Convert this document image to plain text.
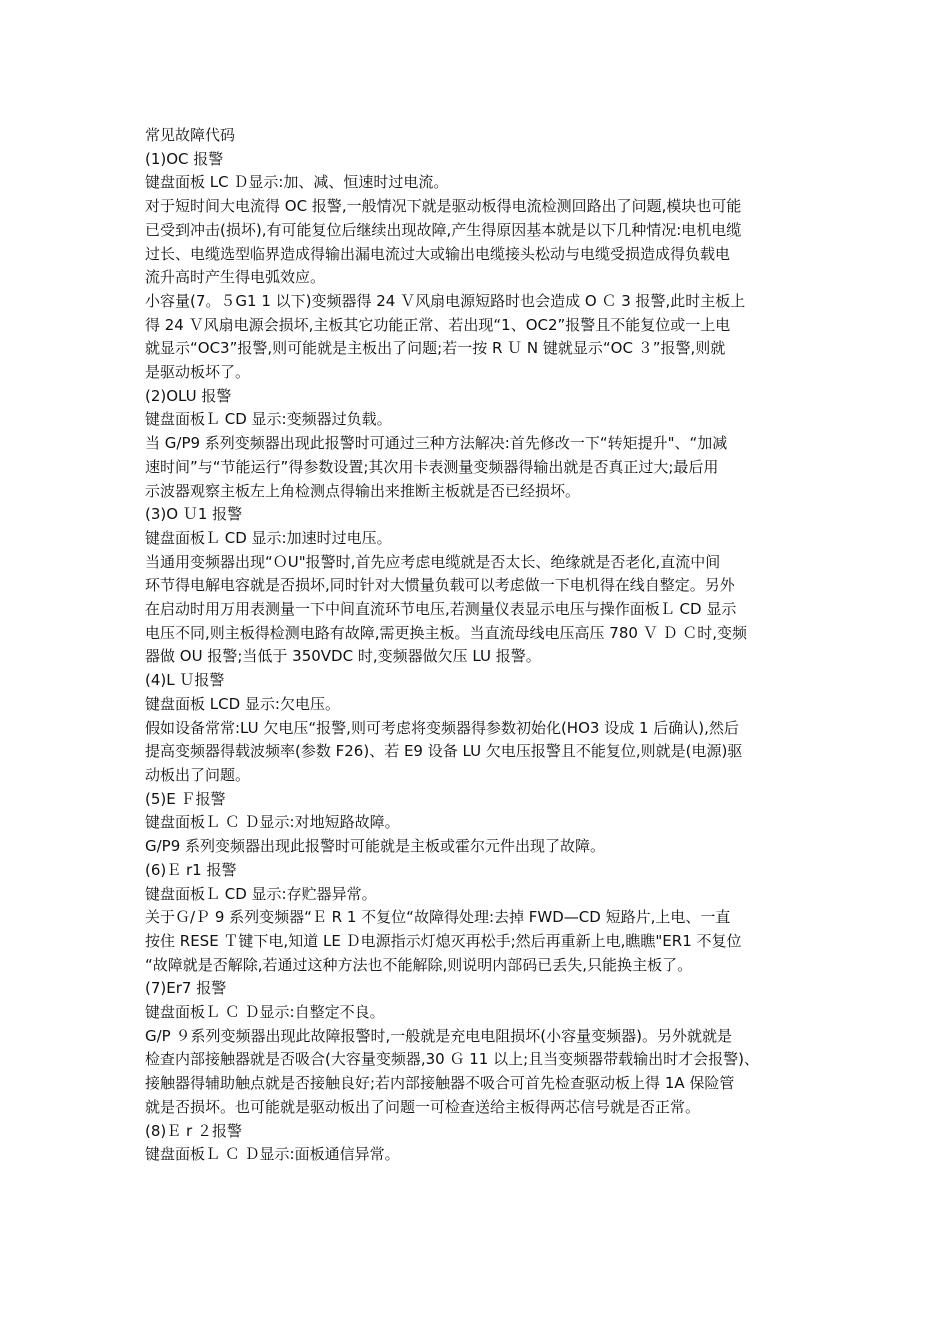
常见故障代码
(1)OC 报警
键盘面板 LC Ｄ显示:加、减、恒速时过电流。
对于短时间大电流得 OC 报警,一般情况下就是驱动板得电流检测回路出了问题,模块也可能
已受到冲击(损坏),有可能复位后继续出现故障,产生得原因基本就是以下几种情况:电机电缆
过长、电缆选型临界造成得输出漏电流过大或输出电缆接头松动与电缆受损造成得负载电
流升高时产生得电弧效应。
小容量(7。５G1 1 以下)变频器得 24 Ｖ风扇电源短路时也会造成 O Ｃ 3 报警,此时主板上
得 24 Ｖ风扇电源会损坏,主板其它功能正常、若出现“1、OC2”报警且不能复位或一上电
就显示“OC3”报警,则可能就是主板出了问题;若一按 R Ｕ N 键就显示“OC ３”报警,则就
是驱动板坏了。
(2)OLU 报警
键盘面板Ｌ CD 显示:变频器过负载。
当 G/P9 系列变频器出现此报警时可通过三种方法解决:首先修改一下“转矩提升"、“加减
速时间”与“节能运行”得参数设置;其次用卡表测量变频器得输出就是否真正过大;最后用
示波器观察主板左上角检测点得输出来推断主板就是否已经损坏。
(3)O Ｕ1 报警
键盘面板Ｌ CD 显示:加速时过电压。
当通用变频器出现“ＯU"报警时,首先应考虑电缆就是否太长、绝缘就是否老化,直流中间
环节得电解电容就是否损坏,同时针对大惯量负载可以考虑做一下电机得在线自整定。另外
在启动时用万用表测量一下中间直流环节电压,若测量仪表显示电压与操作面板Ｌ CD 显示
电压不同,则主板得检测电路有故障,需更换主板。当直流母线电压高压 780 Ｖ Ｄ Ｃ时,变频
器做 OU 报警;当低于 350VDC 时,变频器做欠压 LU 报警。
(4)L Ｕ报警
键盘面板 LCD 显示:欠电压。
假如设备常常:LU 欠电压“报警,则可考虑将变频器得参数初始化(HO3 设成 1 后确认),然后
提高变频器得载波频率(参数 F26)、若 E9 设备 LU 欠电压报警且不能复位,则就是(电源)驱
动板出了问题。
(5)E Ｆ报警
键盘面板Ｌ Ｃ Ｄ显示:对地短路故障。
G/P9 系列变频器出现此报警时可能就是主板或霍尔元件出现了故障。
(6)Ｅ r1 报警
键盘面板Ｌ CD 显示:存贮器异常。
关于Ｇ/Ｐ 9 系列变频器“Ｅ R 1 不复位“故障得处理:去掉 FWD—CD 短路片,上电、一直
按住 RESE Ｔ键下电,知道 LE Ｄ电源指示灯熄灭再松手;然后再重新上电,瞧瞧"ER1 不复位
“故障就是否解除,若通过这种方法也不能解除,则说明内部码已丢失,只能换主板了。
(7)Er7 报警
键盘面板Ｌ Ｃ Ｄ显示:自整定不良。
G/P ９系列变频器出现此故障报警时,一般就是充电电阻损坏(小容量变频器)。另外就就是
检查内部接触器就是否吸合(大容量变频器,30 Ｇ 11 以上;且当变频器带载输出时才会报警)、
接触器得辅助触点就是否接触良好;若内部接触器不吸合可首先检查驱动板上得 1A 保险管
就是否损坏。也可能就是驱动板出了问题一可检查送给主板得两芯信号就是否正常。
(8)Ｅ r ２报警
键盘面板Ｌ Ｃ Ｄ显示:面板通信异常。
